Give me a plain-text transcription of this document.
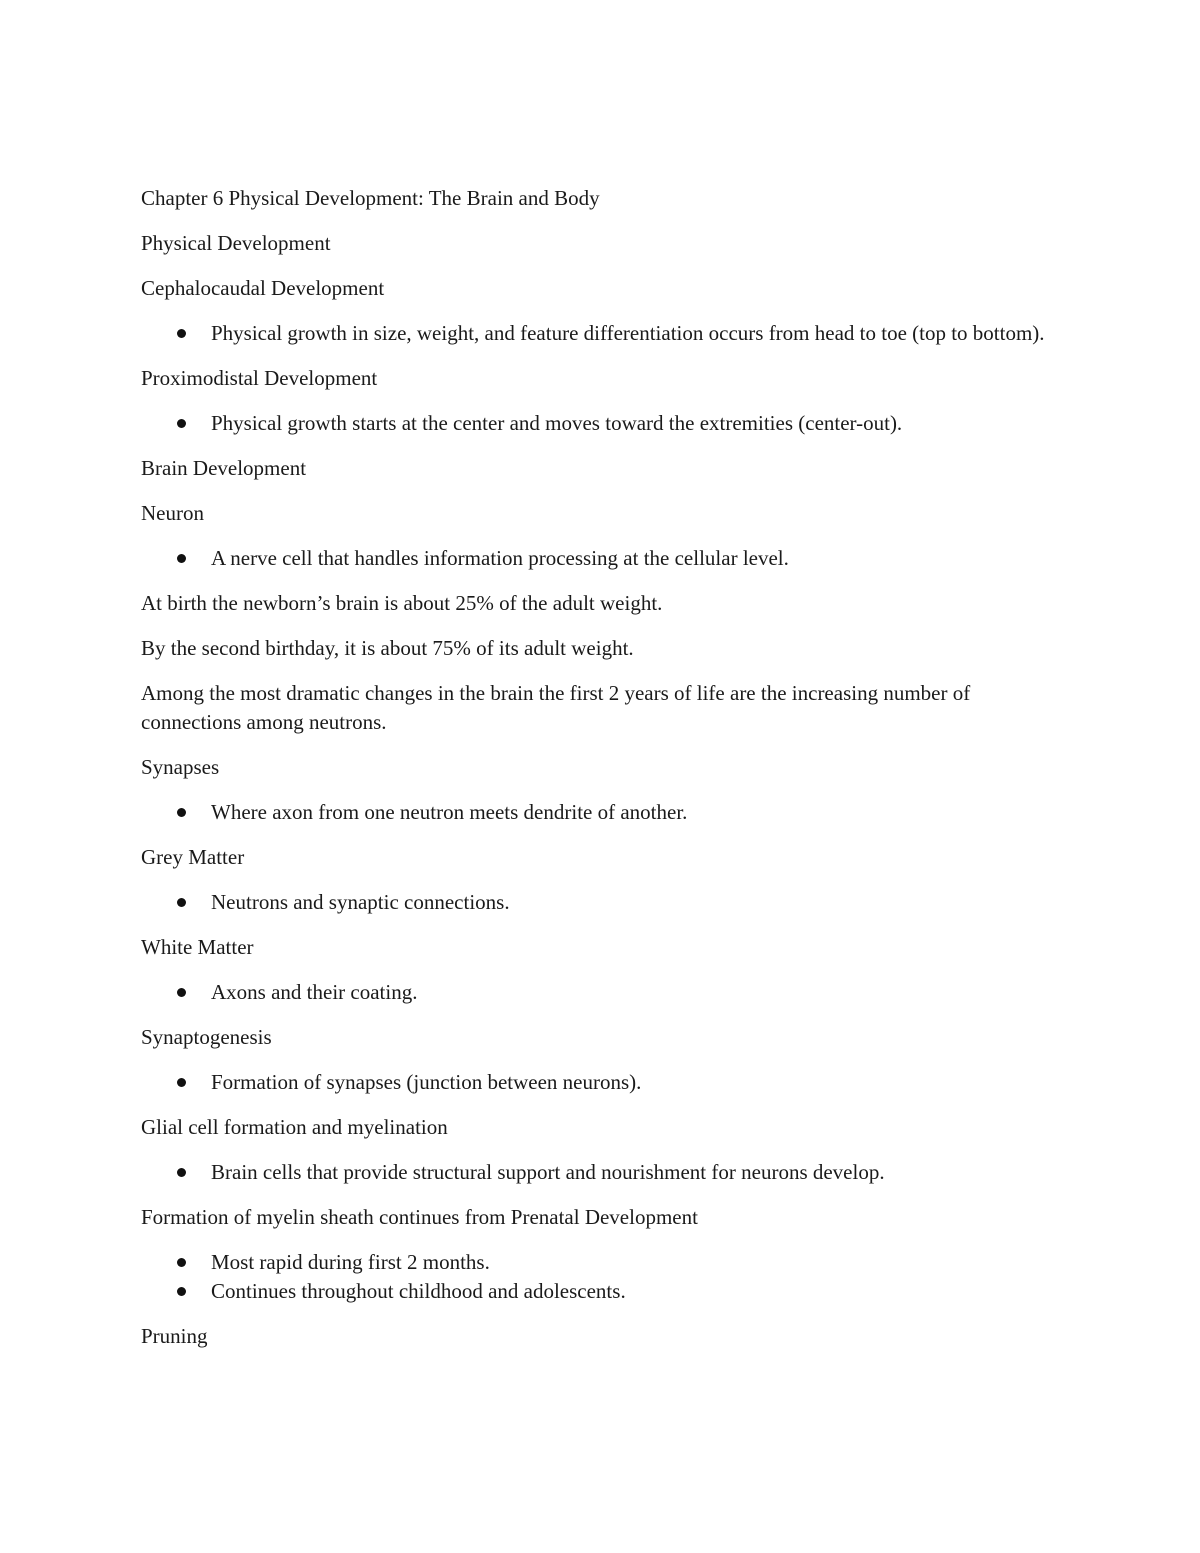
Chapter 6 Physical Development: The Brain and Body

Physical Development

Cephalocaudal Development

Physical growth in size, weight, and feature differentiation occurs from head to toe (top to bottom).

Proximodistal Development

Physical growth starts at the center and moves toward the extremities (center-out).

Brain Development

Neuron

A nerve cell that handles information processing at the cellular level.

At birth the newborn’s brain is about 25% of the adult weight.

By the second birthday, it is about 75% of its adult weight.

Among the most dramatic changes in the brain the first 2 years of life are the increasing number of connections among neutrons.

Synapses

Where axon from one neutron meets dendrite of another.

Grey Matter

Neutrons and synaptic connections.

White Matter

Axons and their coating.

Synaptogenesis

Formation of synapses (junction between neurons).

Glial cell formation and myelination

Brain cells that provide structural support and nourishment for neurons develop.

Formation of myelin sheath continues from Prenatal Development

Most rapid during first 2 months.
Continues throughout childhood and adolescents.

Pruning
